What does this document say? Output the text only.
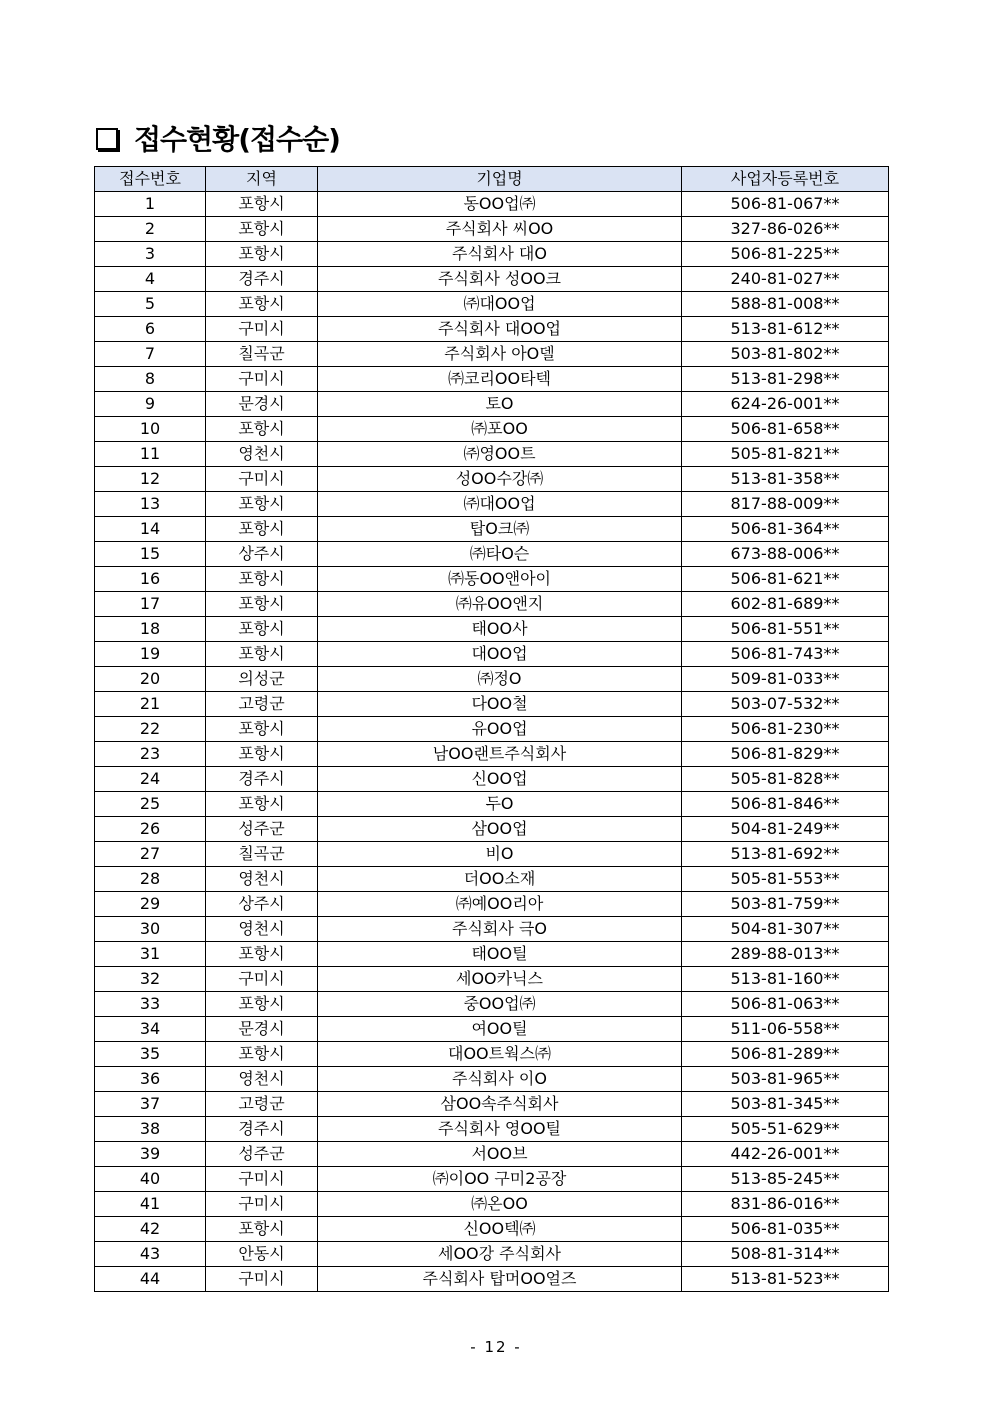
접수현황(접수순)
접수번호	지역	기업명	사업자등록번호
1	포항시	동OO업㈜	506-81-067**
2	포항시	주식회사 씨OO	327-86-026**
3	포항시	주식회사 대O	506-81-225**
4	경주시	주식회사 성OO크	240-81-027**
5	포항시	㈜대OO업	588-81-008**
6	구미시	주식회사 대OO업	513-81-612**
7	칠곡군	주식회사 아O델	503-81-802**
8	구미시	㈜코리OO타텍	513-81-298**
9	문경시	토O	624-26-001**
10	포항시	㈜포OO	506-81-658**
11	영천시	㈜영OO트	505-81-821**
12	구미시	성OO수강㈜	513-81-358**
13	포항시	㈜대OO업	817-88-009**
14	포항시	탑O크㈜	506-81-364**
15	상주시	㈜타O슨	673-88-006**
16	포항시	㈜동OO앤아이	506-81-621**
17	포항시	㈜유OO앤지	602-81-689**
18	포항시	태OO사	506-81-551**
19	포항시	대OO업	506-81-743**
20	의성군	㈜정O	509-81-033**
21	고령군	다OO철	503-07-532**
22	포항시	유OO업	506-81-230**
23	포항시	남OO랜트주식회사	506-81-829**
24	경주시	신OO업	505-81-828**
25	포항시	두O	506-81-846**
26	성주군	삼OO업	504-81-249**
27	칠곡군	비O	513-81-692**
28	영천시	더OO소재	505-81-553**
29	상주시	㈜예OO리아	503-81-759**
30	영천시	주식회사 극O	504-81-307**
31	포항시	태OO틸	289-88-013**
32	구미시	세OO카닉스	513-81-160**
33	포항시	중OO업㈜	506-81-063**
34	문경시	여OO틸	511-06-558**
35	포항시	대OO트웍스㈜	506-81-289**
36	영천시	주식회사 이O	503-81-965**
37	고령군	삼OO속주식회사	503-81-345**
38	경주시	주식회사 영OO틸	505-51-629**
39	성주군	서OO브	442-26-001**
40	구미시	㈜이OO 구미2공장	513-85-245**
41	구미시	㈜온OO	831-86-016**
42	포항시	신OO텍㈜	506-81-035**
43	안동시	세OO강 주식회사	508-81-314**
44	구미시	주식회사 탑머OO얼즈	513-81-523**
- 12 -
